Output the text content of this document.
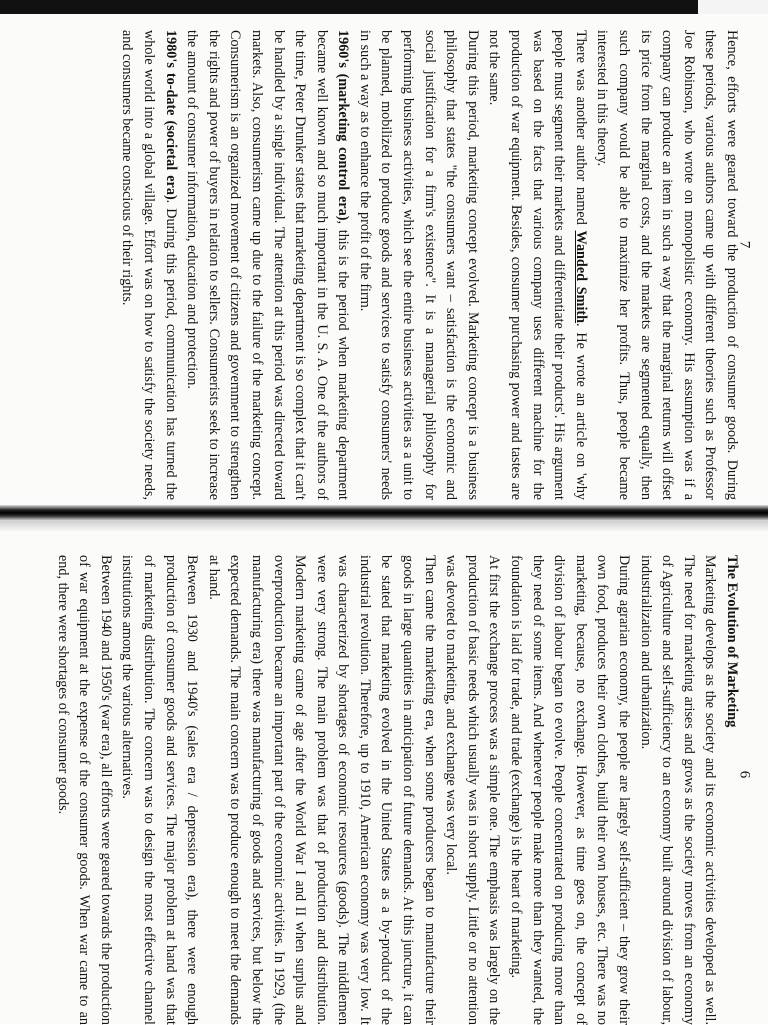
Hence, efforts were geared toward the production of consumer goods. During these periods, various authors came up with different theories such as Professor Joe Robinson, who wrote on monopolistic economy. His assumption was if a company can produce an item in such a way that the marginal returns will offset its price from the marginal costs, and the markets are segmented equally, then such company would be able to maximize her profits. Thus, people became interested in this theory.

There was another author named Wanded Smith. He wrote an article on 'why people must segment their markets and differentiate their products'. His argument was based on the facts that various company uses different machine for the production of war equipment. Besides, consumer purchasing power and tastes are not the same.

During this period, marketing concept evolved. Marketing concept is a business philosophy that states "the consumers want – satisfaction is the economic and social justification for a firm's existence". It is a managerial philosophy for performing business activities, which see the entire business activities as a unit to be planned, mobilized to produce goods and services to satisfy consumers' needs in such a way as to enhance the profit of the firm.

1960's (marketing control era), this is the period when marketing department became well known and so much important in the U. S. A. One of the authors of the time, Peter Drunker states that marketing department is so complex that it can't be handled by a single individual. The attention at this period was directed toward markets. Also, consumerism came up due to the failure of the marketing concept. Consumerism is an organized movement of citizens and government to strengthen the rights and power of buyers in relation to sellers. Consumerists seek to increase the amount of consumer information, education and protection.

1980's to-date (societal era). During this period, communication has turned the whole world into a global village. Effort was on how to satisfy the society needs, and consumers became conscious of their rights.	7

The Evolution of Marketing

Marketing develops as the society and its economic activities developed as well. The need for marketing arises and grows as the society moves from an economy of Agriculture and self-sufficiency to an economy built around division of labour, industrialization and urbanization.

During agrarian economy, the people are largely self-sufficient – they grow their own food, produces their own clothes, build their own houses, etc. There was no marketing, because, no exchange. However, as time goes on, the concept of division of labour began to evolve. People concentrated on producing more than they need of some items. And whenever people make more than they wanted, the foundation is laid for trade, and trade (exchange) is the heart of marketing.

At first the exchange process was a simple one. The emphasis was largely on the production of basic needs which usually was in short supply. Little or no attention was devoted to marketing, and exchange was very local.

Then came the marketing era, when some producers began to manufacture their goods in large quantities in anticipation of future demands. At this juncture, it can be stated that marketing evolved in the United States as a by-product of the industrial revolution. Therefore, up to 1910, American economy was very low. It was characterized by shortages of economic resources (goods). The middlemen were very strong. The main problem was that of production and distribution. Modern marketing came of age after the World War I and II when surplus and overproduction became an important part of the economic activities. In 1929, (the manufacturing era) there was manufacturing of goods and services, but below the expected demands. The main concern was to produce enough to meet the demands at hand.

Between 1930 and 1940's (sales era / depression era), there were enough production of consumer goods and services. The major problem at hand was that of marketing distribution. The concern was to design the most effective channel institutions among the various alternatives.

Between 1940 and 1950's (war era), all efforts were geared towards the production of war equipment at the expense of the consumer goods. When war came to an end, there were shortages of consumer goods.	6
